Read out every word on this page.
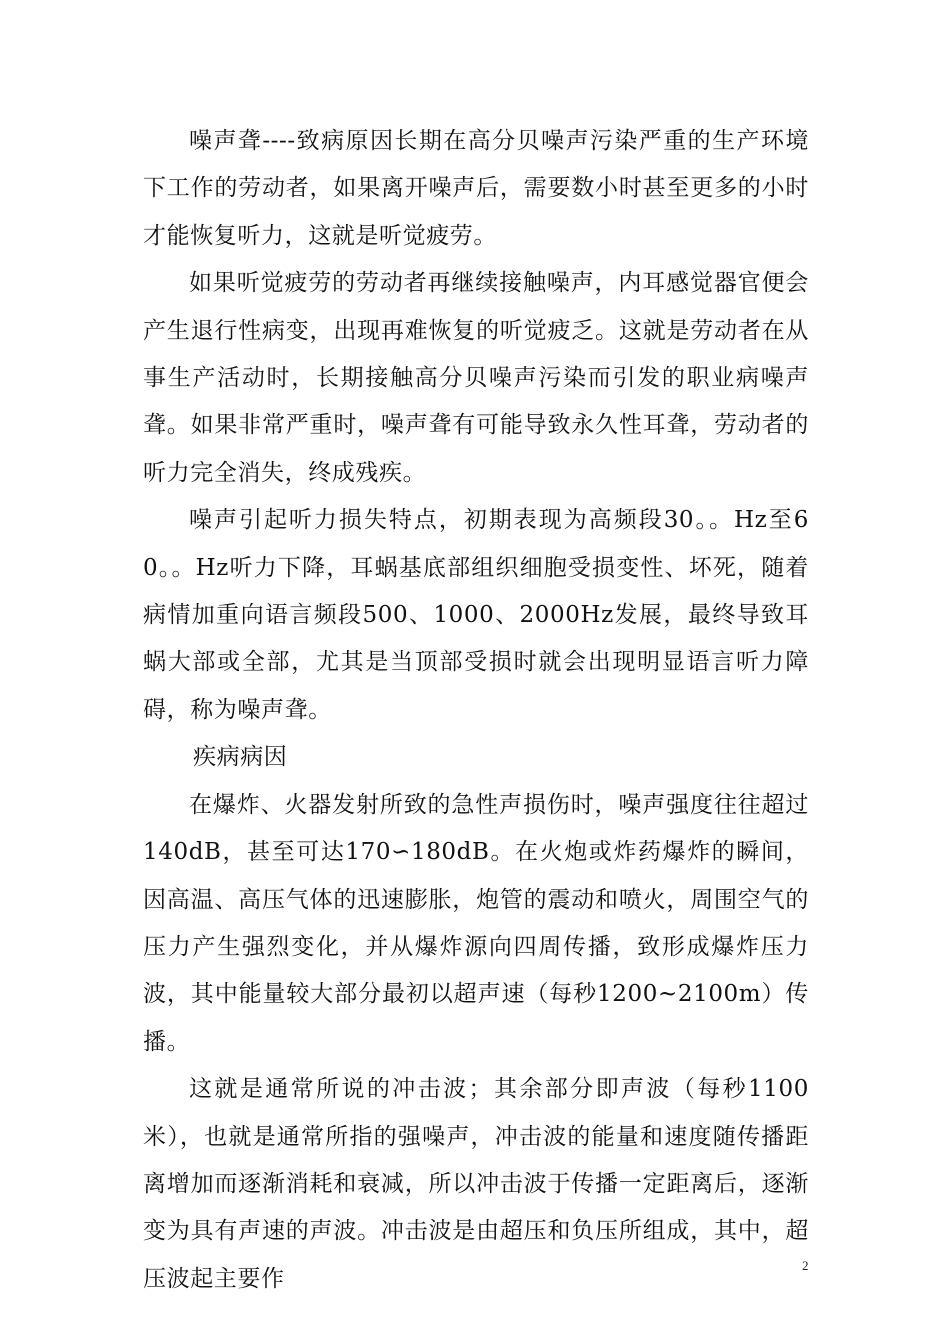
噪声聋----致病原因长期在高分贝噪声污染严重的生产环境下工作的劳动者，如果离开噪声后，需要数小时甚至更多的小时才能恢复听力，这就是听觉疲劳。

如果听觉疲劳的劳动者再继续接触噪声，内耳感觉器官便会产生退行性病变，出现再难恢复的听觉疲乏。这就是劳动者在从事生产活动时，长期接触高分贝噪声污染而引发的职业病噪声聋。如果非常严重时，噪声聋有可能导致永久性耳聋，劳动者的听力完全消失，终成残疾。

噪声引起听力损失特点，初期表现为高频段30。。Hz至60。。Hz听力下降，耳蜗基底部组织细胞受损变性、坏死，随着病情加重向语言频段500、1000、2000Hz发展，最终导致耳蜗大部或全部，尤其是当顶部受损时就会出现明显语言听力障碍，称为噪声聋。

疾病病因

在爆炸、火器发射所致的急性声损伤时，噪声强度往往超过140dB，甚至可达170∽180dB。在火炮或炸药爆炸的瞬间，因高温、高压气体的迅速膨胀，炮管的震动和喷火，周围空气的压力产生强烈变化，并从爆炸源向四周传播，致形成爆炸压力波，其中能量较大部分最初以超声速（每秒1200~2100m）传播。

这就是通常所说的冲击波；其余部分即声波（每秒1100米），也就是通常所指的强噪声，冲击波的能量和速度随传播距离增加而逐渐消耗和衰减，所以冲击波于传播一定距离后，逐渐变为具有声速的声波。冲击波是由超压和负压所组成，其中，超压波起主要作

2
